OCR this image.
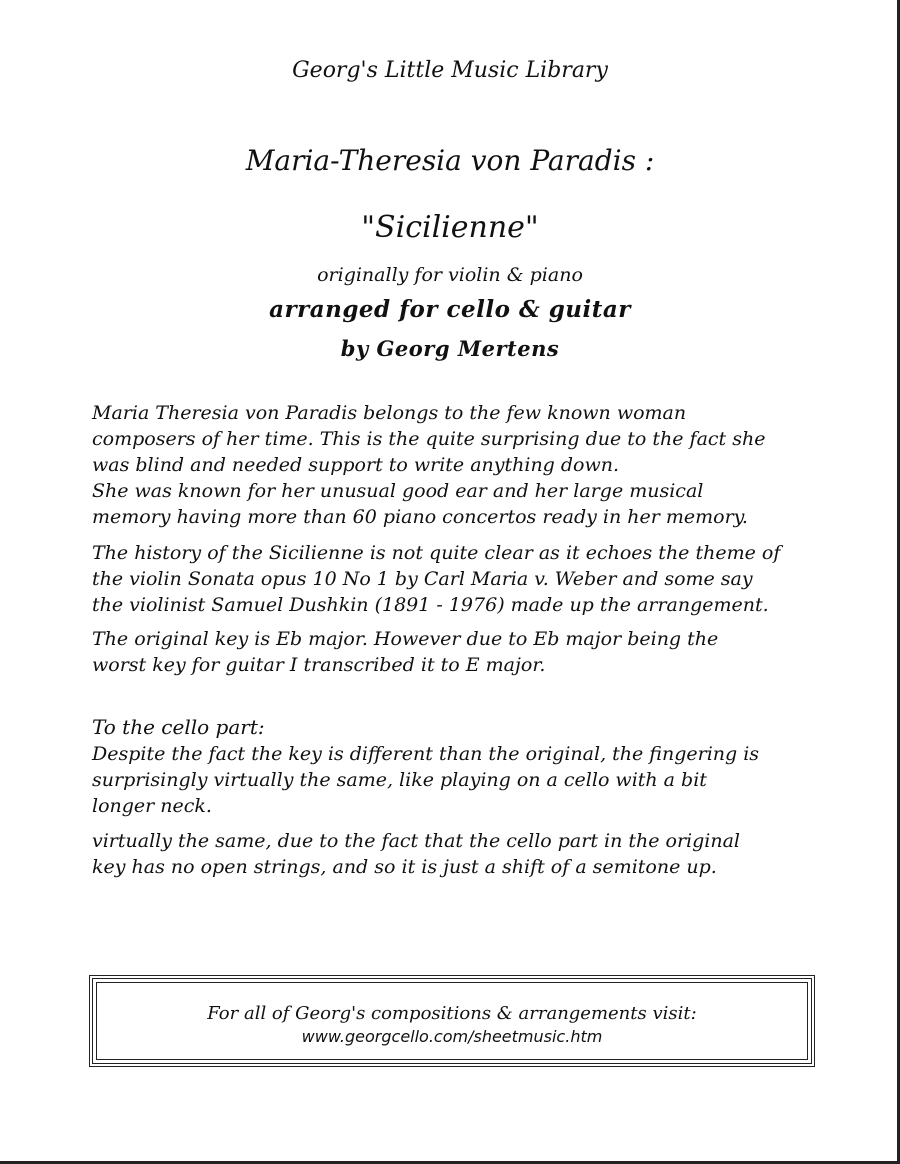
Georg's Little Music Library
Maria-Theresia von Paradis :
"Sicilienne"
originally for violin & piano
arranged for cello & guitar
by Georg Mertens
Maria Theresia von Paradis belongs to the few known woman
composers of her time. This is the quite surprising due to the fact she
was blind and needed support to write anything down.
She was known for her unusual good ear and her large musical
memory having more than 60 piano concertos ready in her memory.
The history of the Sicilienne is not quite clear as it echoes the theme of
the violin Sonata opus 10 No 1 by Carl Maria v. Weber and some say
the violinist Samuel Dushkin (1891 - 1976) made up the arrangement.
The original key is Eb major. However due to Eb major being the
worst key for guitar I transcribed it to E major.
To the cello part:
Despite the fact the key is different than the original, the fingering is
surprisingly virtually the same, like playing on a cello with a bit
longer neck.
virtually the same, due to the fact that the cello part in the original
key has no open strings, and so it is just a shift of a semitone up.
For all of Georg's compositions & arrangements visit:
www.georgcello.com/sheetmusic.htm
